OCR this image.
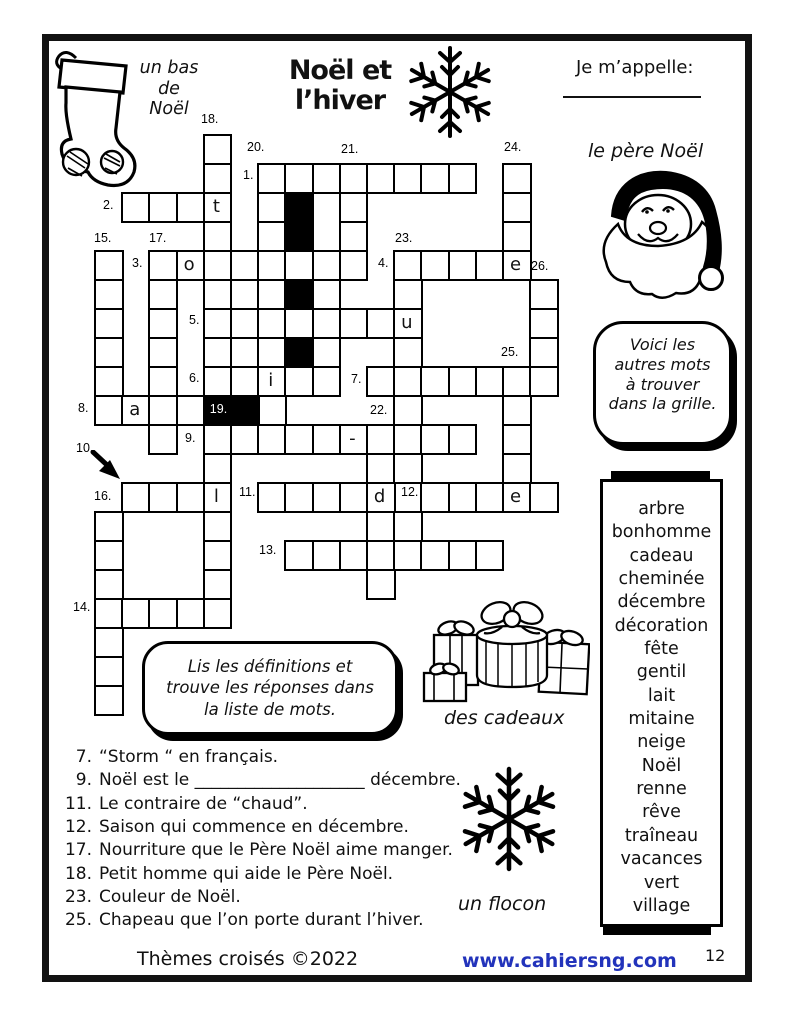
Noël et
l’hiver
Je m’appelle:
un bas
de
Noël
le père Noël
19.
t
o	e
u
i
a
-
l	d	e
1.
2.
3.	4.
5.
6.	7.
8.
9.
10.
11.	12.
13.
14.
15.
16.
17.
18.
20.	21.
22.
23.
24.
25.
26.
Voici les
autres mots
à trouver
dans la grille.
Lis les définitions et
trouve les réponses dans
la liste de mots.
arbre
bonhomme
cadeau
cheminée
décembre
décoration
fête
gentil
lait
mitaine
neige
Noël
renne
rêve
traîneau
vacances
vert
village
des cadeaux
un flocon
7. “Storm “ en français.
9. Noël est le ____________________ décembre.
11. Le contraire de “chaud”.
12. Saison qui commence en décembre.
17. Nourriture que le Père Noël aime manger.
18. Petit homme qui aide le Père Noël.
23. Couleur de Noël.
25. Chapeau que l’on porte durant l’hiver.
Thèmes croisés ©2022	www.cahiersng.com 12
